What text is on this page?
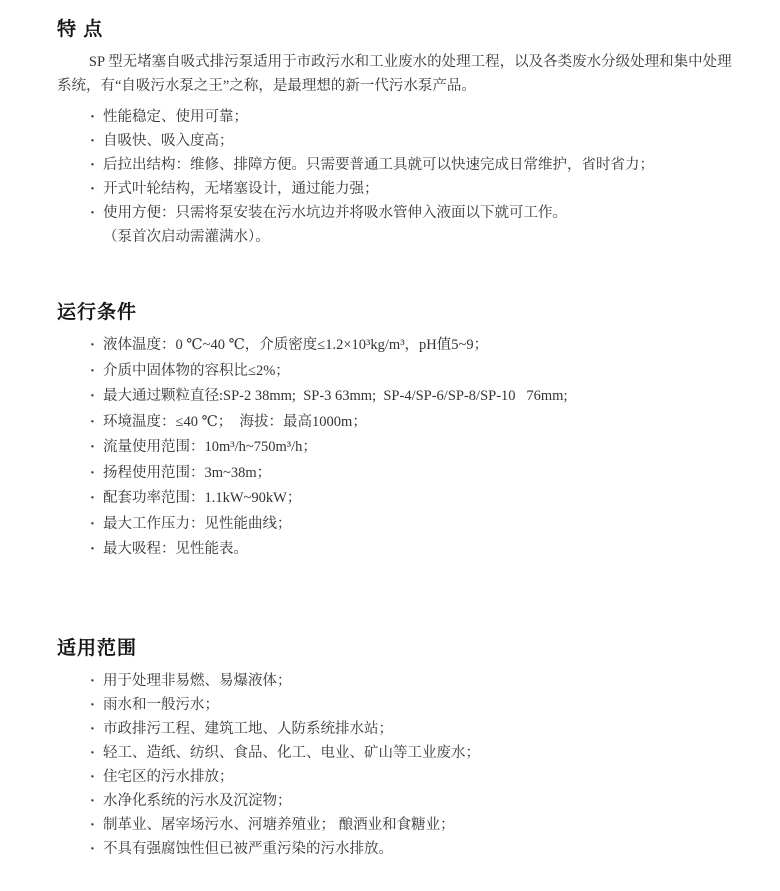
特 点

SP 型无堵塞自吸式排污泵适用于市政污水和工业废水的处理工程，以及各类废水分级处理和集中处理系统，有“自吸污水泵之王”之称，是最理想的新一代污水泵产品。

· 性能稳定、使用可靠；
· 自吸快、吸入度高；
· 后拉出结构：维修、排障方便。只需要普通工具就可以快速完成日常维护，省时省力；
· 开式叶轮结构，无堵塞设计，通过能力强；
· 使用方便：只需将泵安装在污水坑边并将吸水管伸入液面以下就可工作。
（泵首次启动需灌满水）。
运行条件
· 液体温度：0 ℃~40 ℃，介质密度≤1.2×10³kg/m³，pH值5~9；
· 介质中固体物的容积比≤2%；
· 最大通过颗粒直径:SP-2 38mm;  SP-3 63mm;  SP-4/SP-6/SP-8/SP-10   76mm;
· 环境温度：≤40 ℃；  海拔：最高1000m；
· 流量使用范围：10m³/h~750m³/h；
· 扬程使用范围：3m~38m；
· 配套功率范围：1.1kW~90kW；
· 最大工作压力：见性能曲线；
· 最大吸程：见性能表。
适用范围
· 用于处理非易燃、易爆液体；
· 雨水和一般污水；
· 市政排污工程、建筑工地、人防系统排水站；
· 轻工、造纸、纺织、食品、化工、电业、矿山等工业废水；
· 住宅区的污水排放；
· 水净化系统的污水及沉淀物；
· 制革业、屠宰场污水、河塘养殖业； 酿酒业和食糖业；
· 不具有强腐蚀性但已被严重污染的污水排放。
